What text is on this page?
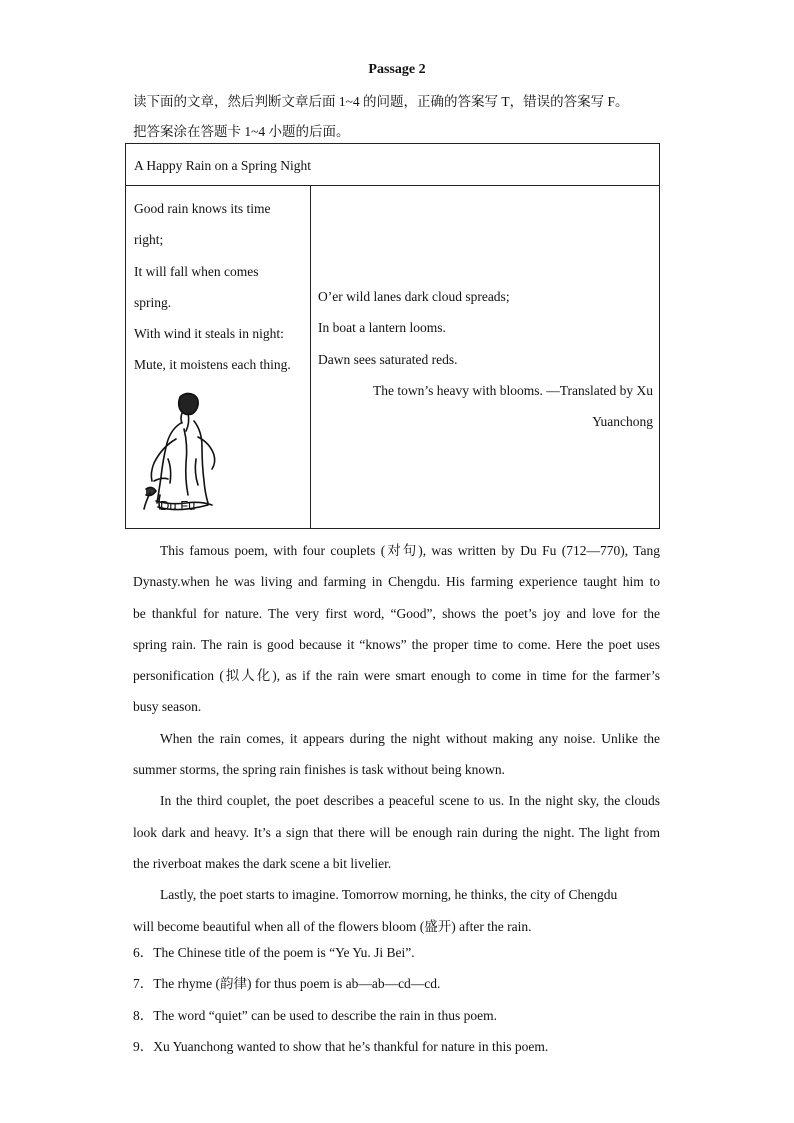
Passage 2
读下面的文章，然后判断文章后面 1~4 的问题，正确的答案写 T，错误的答案写 F。
把答案涂在答题卡 1~4 小题的后面。
A Happy Rain on a Spring Night
Good rain knows its time
right;
It will fall when comes
spring.
With wind it steals in night:
Mute, it moistens each thing.
Du Fu
O’er wild lanes dark cloud spreads;
In boat a lantern looms.
Dawn sees saturated reds.
The town’s heavy with blooms. —Translated by Xu
Yuanchong
This famous poem, with four couplets (对句), was written by Du Fu (712—770), Tang
Dynasty.when he was living and farming in Chengdu. His farming experience taught him to
be thankful for nature. The very first word, “Good”, shows the poet’s joy and love for the
spring rain. The rain is good because it “knows” the proper time to come. Here the poet uses
personification (拟人化), as if the rain were smart enough to come in time for the farmer’s
busy season.
When the rain comes, it appears during the night without making any noise. Unlike the
summer storms, the spring rain finishes is task without being known.
In the third couplet, the poet describes a peaceful scene to us. In the night sky, the clouds
look dark and heavy. It’s a sign that there will be enough rain during the night. The light from
the riverboat makes the dark scene a bit livelier.
Lastly, the poet starts to imagine. Tomorrow morning, he thinks, the city of Chengdu
will become beautiful when all of the flowers bloom (盛开) after the rain.
6．The Chinese title of the poem is “Ye Yu. Ji Bei”.
7．The rhyme (韵律) for thus poem is ab—ab—cd—cd.
8．The word “quiet” can be used to describe the rain in thus poem.
9．Xu Yuanchong wanted to show that he’s thankful for nature in this poem.
